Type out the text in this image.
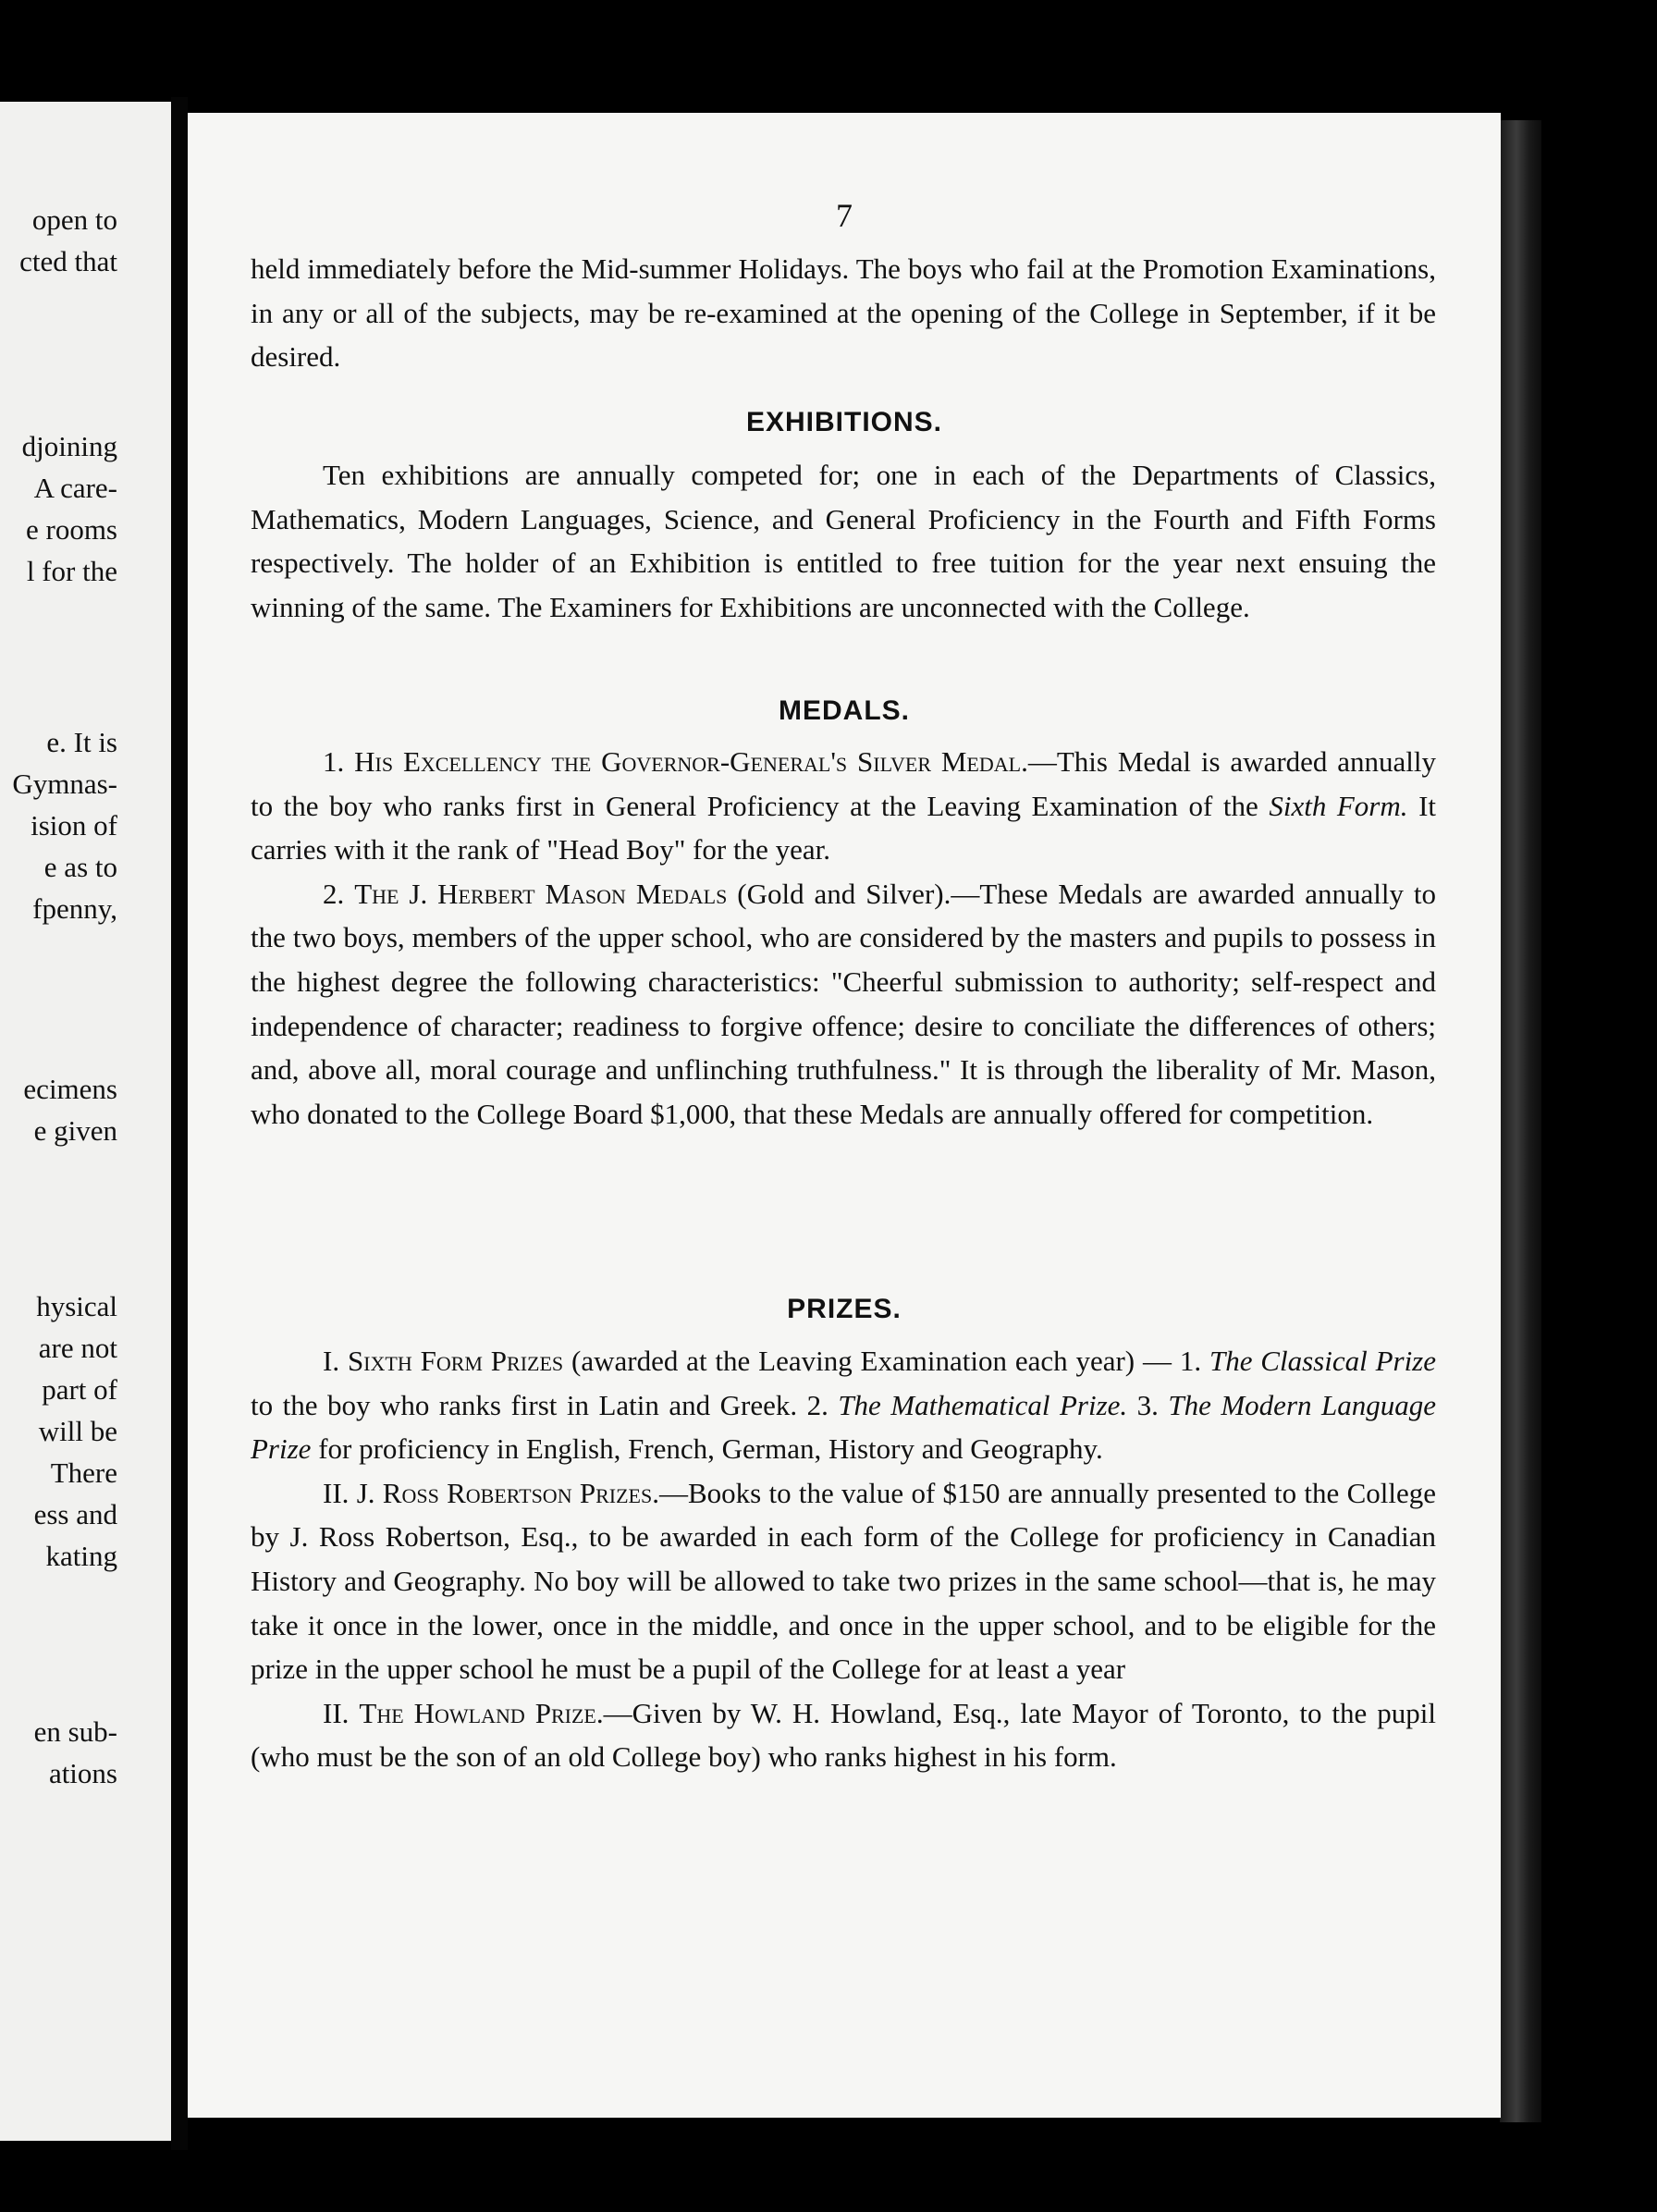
open to
cted that
djoining
A care-
e rooms
l for the
e. It is
Gymnas-
ision of
e as to
fpenny,
ecimens
e given
hysical
are not
part of
will be
There
ess and
kating
en sub-
ations
7

held immediately before the Mid-summer Holidays. The boys who fail at the Promotion Examinations, in any or all of the subjects, may be re-examined at the opening of the College in September, if it be desired.

EXHIBITIONS.

Ten exhibitions are annually competed for; one in each of the Departments of Classics, Mathematics, Modern Languages, Science, and General Proficiency in the Fourth and Fifth Forms respectively. The holder of an Exhibition is entitled to free tuition for the year next ensuing the winning of the same. The Examiners for Exhibitions are unconnected with the College.

MEDALS.

1. His Excellency the Governor-General's Silver Medal.—This Medal is awarded annually to the boy who ranks first in General Proficiency at the Leaving Examination of the Sixth Form. It carries with it the rank of "Head Boy" for the year.

2. The J. Herbert Mason Medals (Gold and Silver).—These Medals are awarded annually to the two boys, members of the upper school, who are considered by the masters and pupils to possess in the highest degree the following characteristics: "Cheerful submission to authority; self-respect and independence of character; readiness to forgive offence; desire to conciliate the differences of others; and, above all, moral courage and unflinching truthfulness." It is through the liberality of Mr. Mason, who donated to the College Board $1,000, that these Medals are annually offered for competition.

PRIZES.

I. Sixth Form Prizes (awarded at the Leaving Examination each year) — 1. The Classical Prize to the boy who ranks first in Latin and Greek. 2. The Mathematical Prize. 3. The Modern Language Prize for proficiency in English, French, German, History and Geography.

II. J. Ross Robertson Prizes.—Books to the value of $150 are annually presented to the College by J. Ross Robertson, Esq., to be awarded in each form of the College for proficiency in Canadian History and Geography. No boy will be allowed to take two prizes in the same school—that is, he may take it once in the lower, once in the middle, and once in the upper school, and to be eligible for the prize in the upper school he must be a pupil of the College for at least a year

II. The Howland Prize.—Given by W. H. Howland, Esq., late Mayor of Toronto, to the pupil (who must be the son of an old College boy) who ranks highest in his form.
